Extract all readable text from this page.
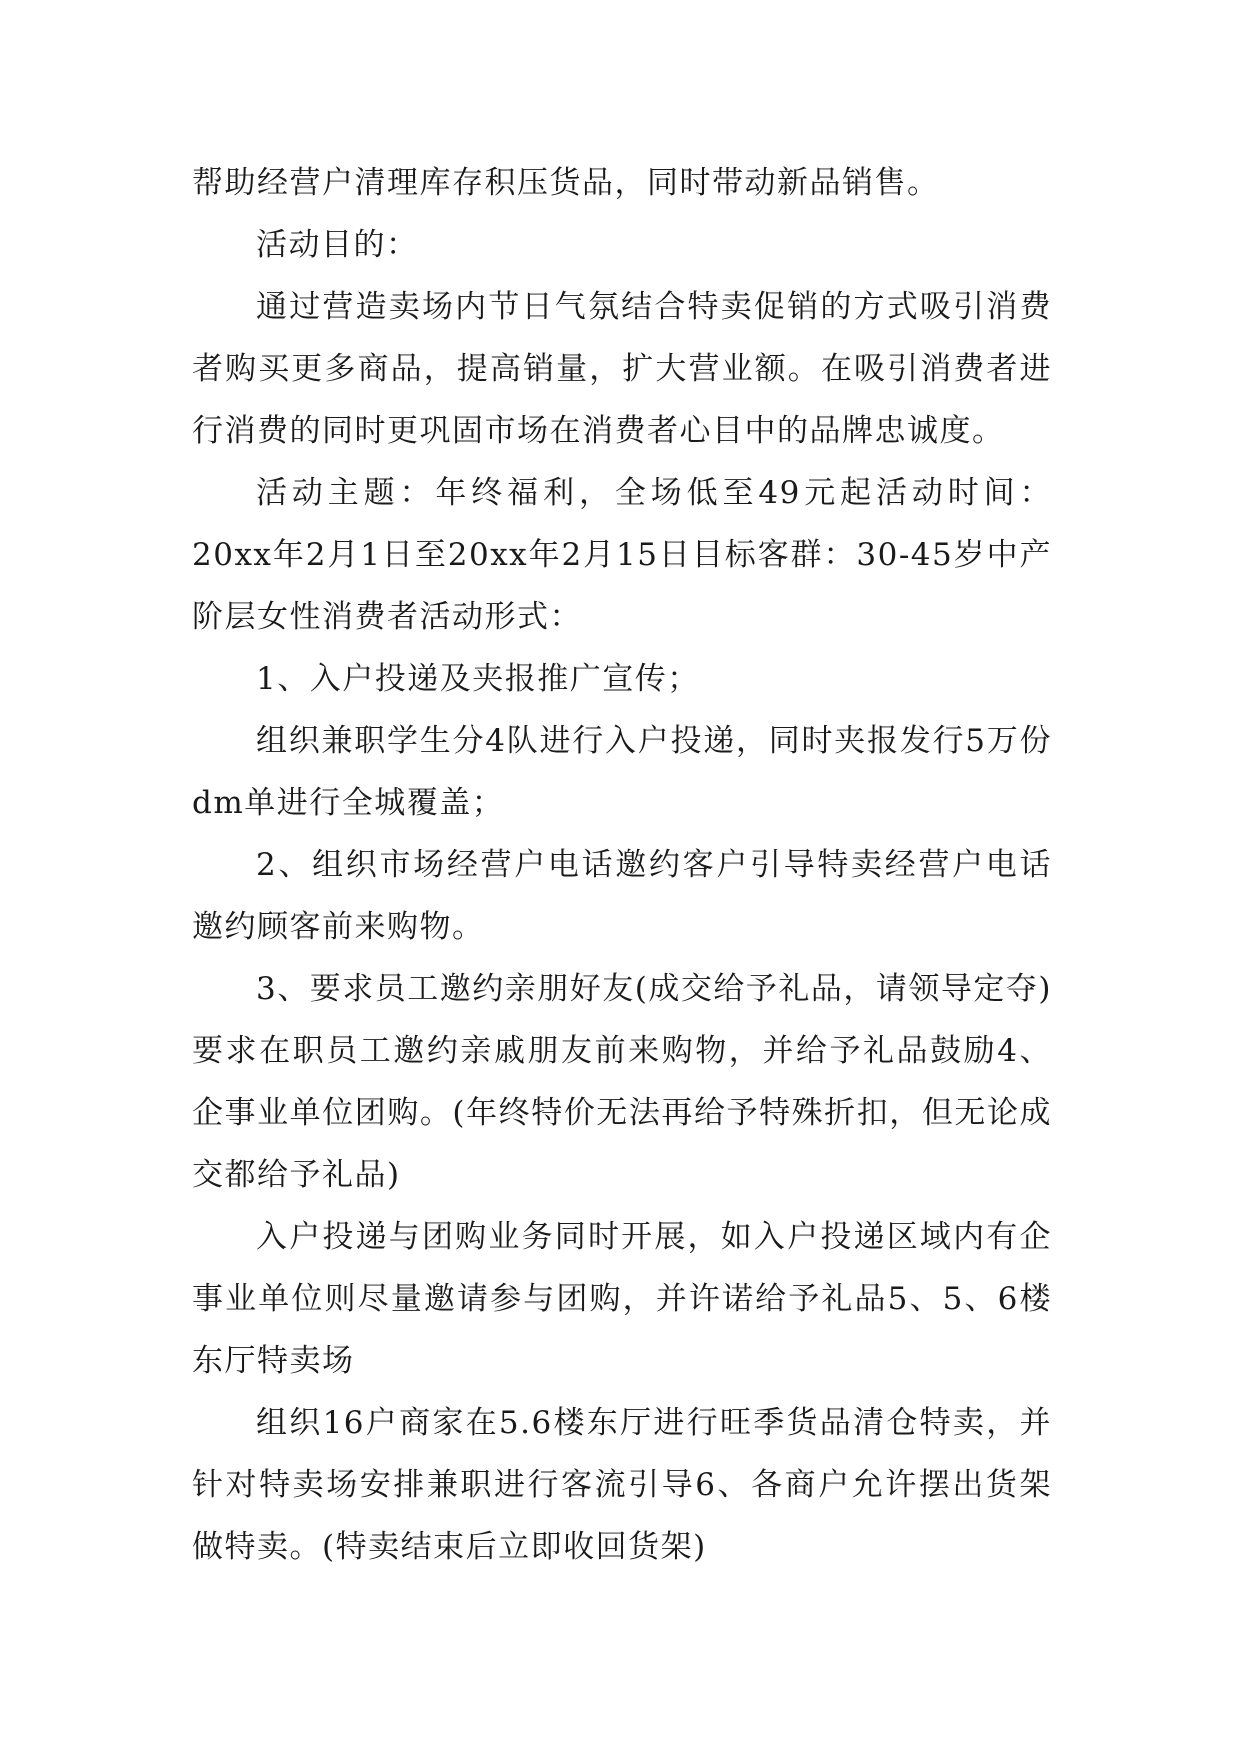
帮助经营户清理库存积压货品，同时带动新品销售。

活动目的：

通过营造卖场内节日气氛结合特卖促销的方式吸引消费者购买更多商品，提高销量，扩大营业额。在吸引消费者进行消费的同时更巩固市场在消费者心目中的品牌忠诚度。

活动主题：年终福利，全场低至49元起活动时间：20xx年2月1日至20xx年2月15日目标客群：30-45岁中产阶层女性消费者活动形式：

1、入户投递及夹报推广宣传；

组织兼职学生分4队进行入户投递，同时夹报发行5万份dm单进行全城覆盖；

2、组织市场经营户电话邀约客户引导特卖经营户电话邀约顾客前来购物。

3、要求员工邀约亲朋好友(成交给予礼品，请领导定夺)要求在职员工邀约亲戚朋友前来购物，并给予礼品鼓励4、企事业单位团购。(年终特价无法再给予特殊折扣，但无论成交都给予礼品)

入户投递与团购业务同时开展，如入户投递区域内有企事业单位则尽量邀请参与团购，并许诺给予礼品5、5、6楼东厅特卖场

组织16户商家在5.6楼东厅进行旺季货品清仓特卖，并针对特卖场安排兼职进行客流引导6、各商户允许摆出货架做特卖。(特卖结束后立即收回货架)
